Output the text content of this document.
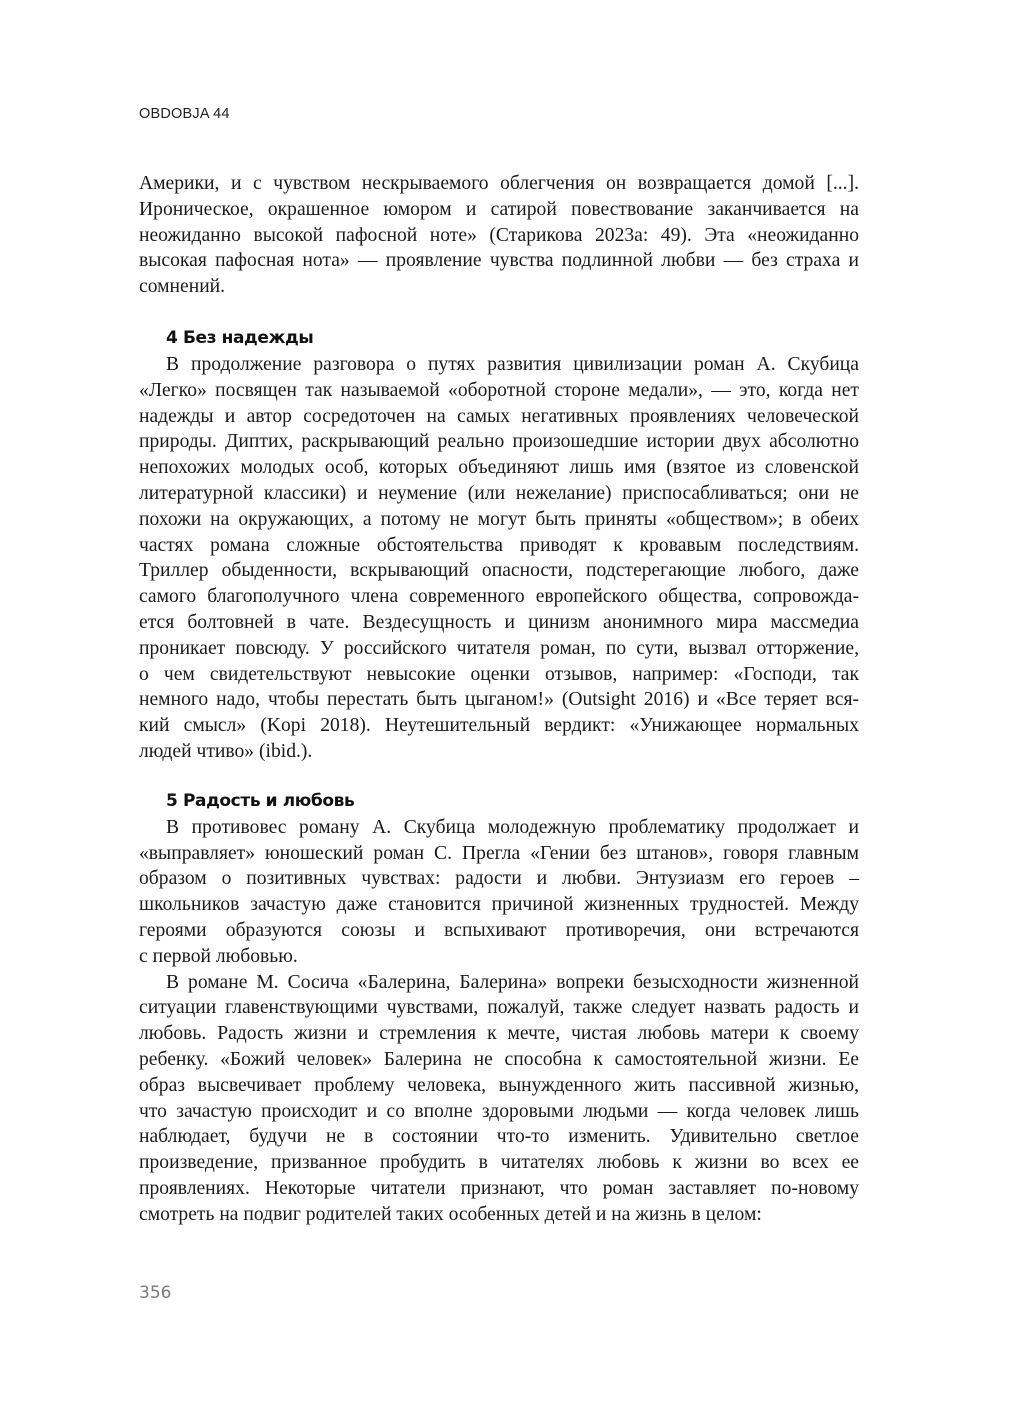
OBDOBJA 44
Америки, и с чувством нескрываемого облегчения он возвращается домой [...].
Ироническое, окрашенное юмором и сатирой повествование заканчивается на
неожиданно высокой пафосной ноте» (Старикова 2023а: 49). Эта «неожиданно
высокая пафосная нота» — проявление чувства подлинной любви — без страха и
сомнений.
4 Без надежды
В продолжение разговора о путях развития цивилизации роман А. Скубица
«Легко» посвящен так называемой «оборотной стороне медали», — это, когда нет
надежды и автор сосредоточен на самых негативных проявлениях человеческой
природы. Диптих, раскрывающий реально произошедшие истории двух абсолютно
непохожих молодых особ, которых объединяют лишь имя (взятое из словенской
литературной классики) и неумение (или нежелание) приспосабливаться; они не
похожи на окружающих, а потому не могут быть приняты «обществом»; в обеих
частях романа сложные обстоятельства приводят к кровавым последствиям.
Триллер обыденности, вскрывающий опасности, подстерегающие любого, даже
самого благополучного члена современного европейского общества, сопровожда-
ется болтовней в чате. Вездесущность и цинизм анонимного мира массмедиа
проникает повсюду. У российского читателя роман, по сути, вызвал отторжение,
о чем свидетельствуют невысокие оценки отзывов, например: «Господи, так
немного надо, чтобы перестать быть цыганом!» (Outsight 2016) и «Все теряет вся-
кий смысл» (Kopi 2018). Неутешительный вердикт: «Унижающее нормальных
людей чтиво» (ibid.).
5 Радость и любовь
В противовес роману А. Скубица молодежную проблематику продолжает и
«выправляет» юношеский роман С. Прегла «Гении без штанов», говоря главным
образом о позитивных чувствах: радости и любви. Энтузиазм его героев –
школьников зачастую даже становится причиной жизненных трудностей. Между
героями образуются союзы и вспыхивают противоречия, они встречаются
с первой любовью.
В романе М. Сосича «Балерина, Балерина» вопреки безысходности жизненной
ситуации главенствующими чувствами, пожалуй, также следует назвать радость и
любовь. Радость жизни и стремления к мечте, чистая любовь матери к своему
ребенку. «Божий человек» Балерина не способна к самостоятельной жизни. Ее
образ высвечивает проблему человека, вынужденного жить пассивной жизнью,
что зачастую происходит и со вполне здоровыми людьми — когда человек лишь
наблюдает, будучи не в состоянии что-то изменить. Удивительно светлое
произведение, призванное пробудить в читателях любовь к жизни во всех ее
проявлениях. Некоторые читатели признают, что роман заставляет по-новому
смотреть на подвиг родителей таких особенных детей и на жизнь в целом:
356
